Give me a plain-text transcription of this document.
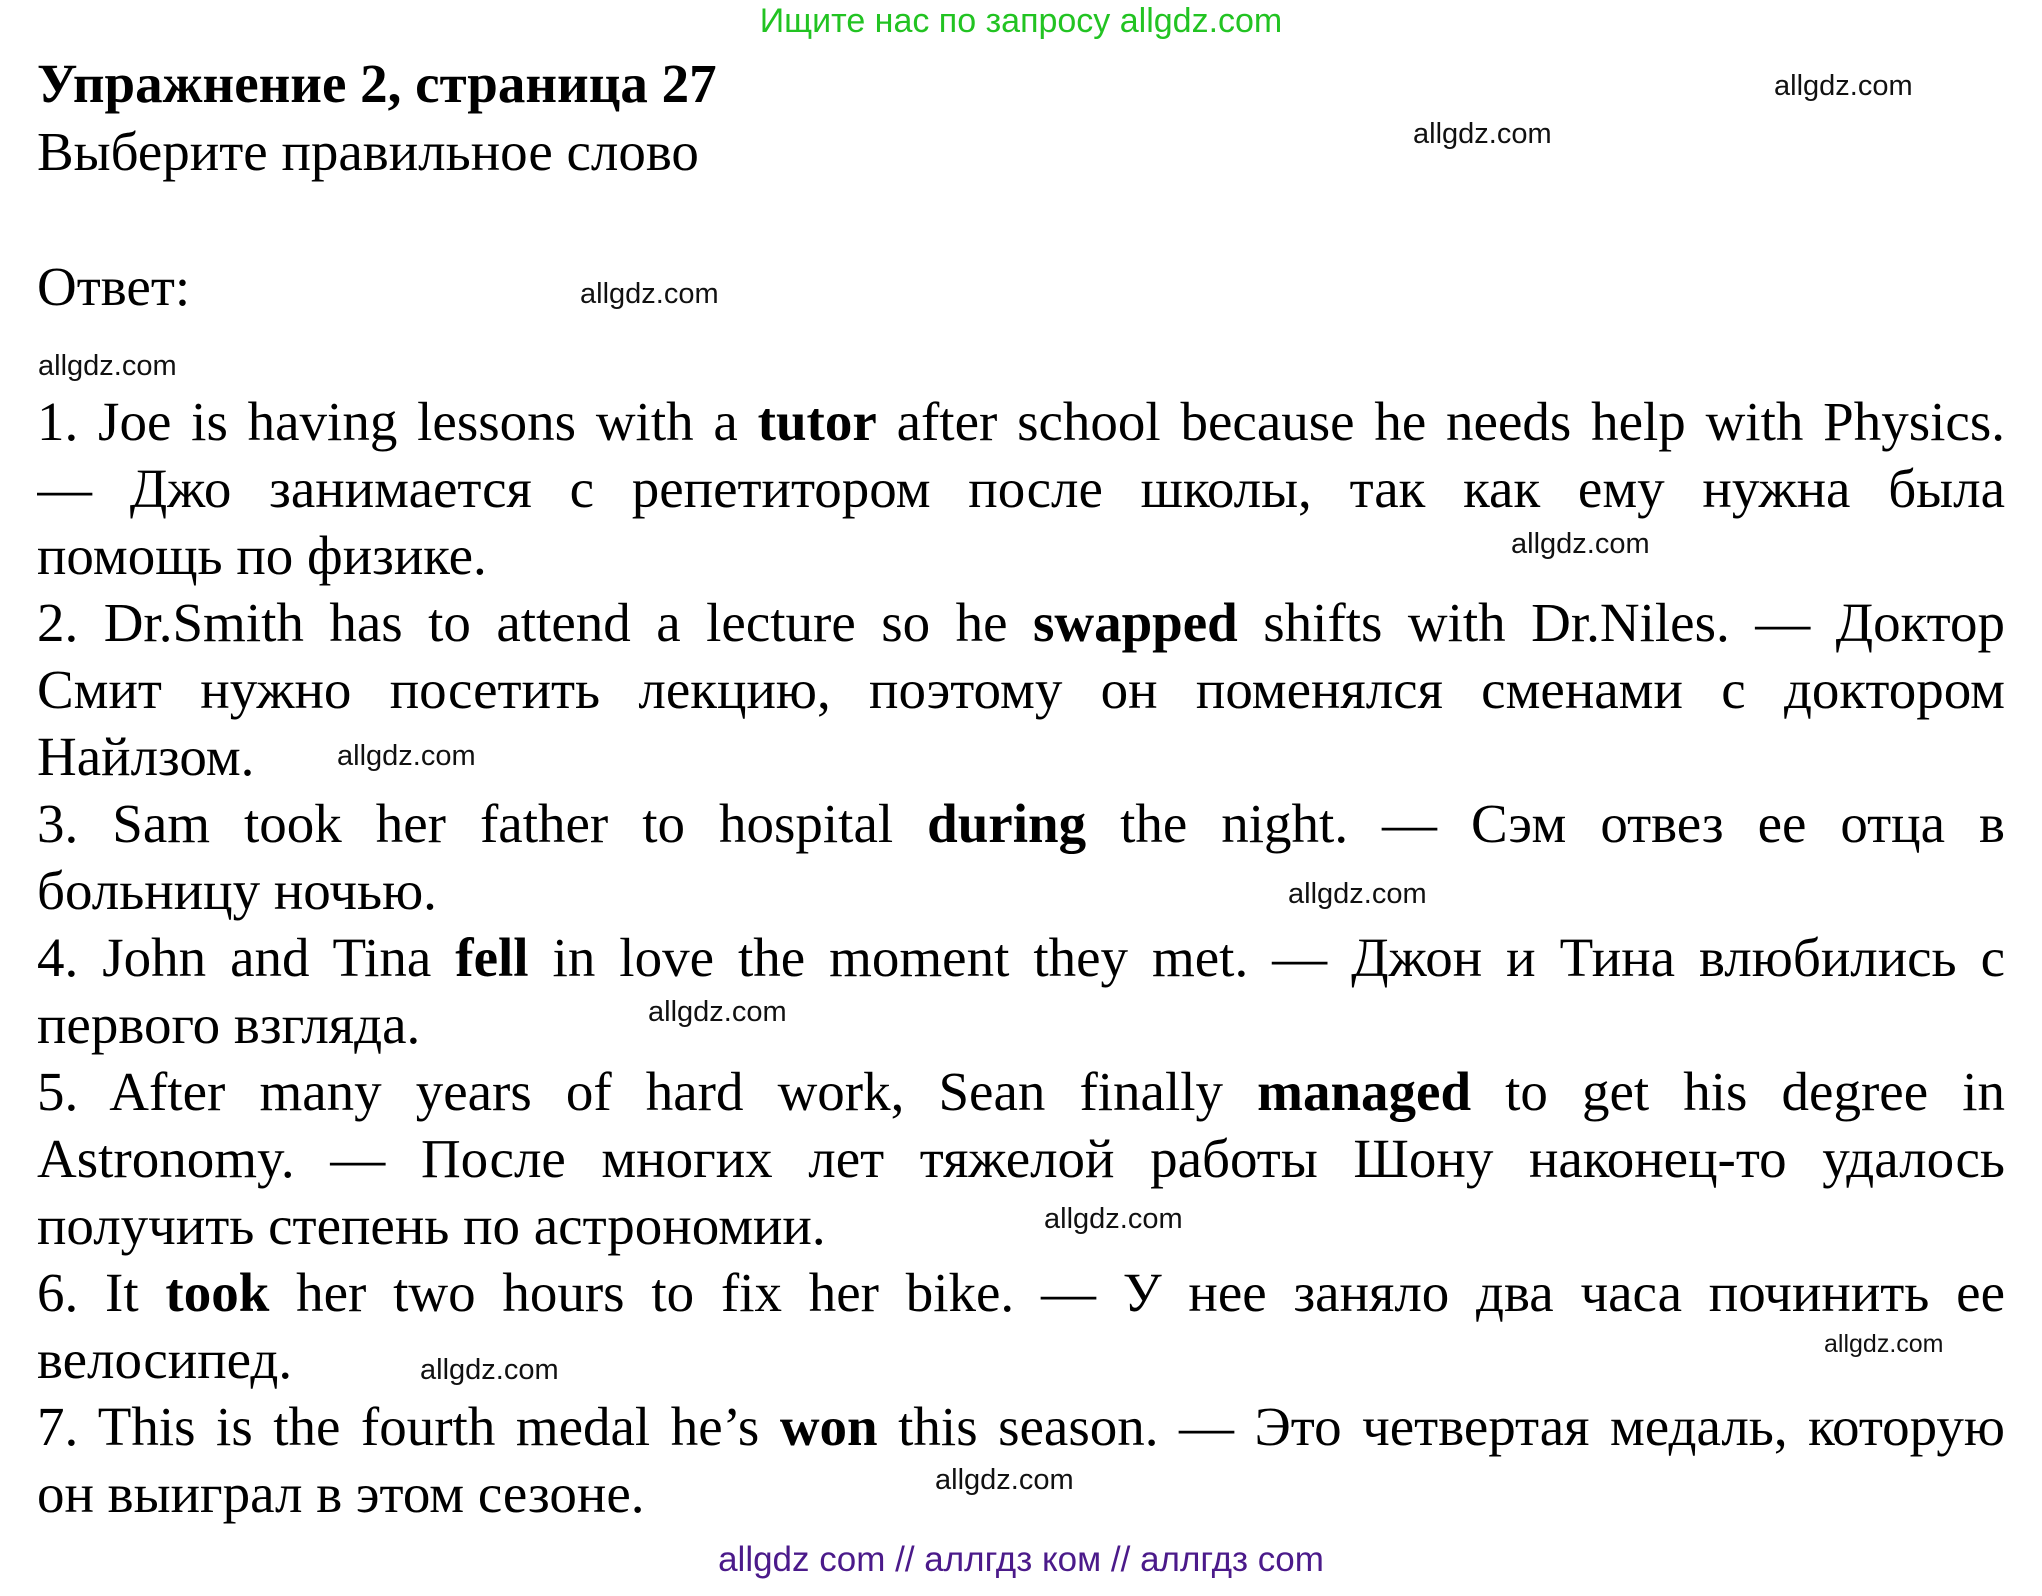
Ищите нас по запросу allgdz.com
Упражнение 2, страница 27
Выберите правильное слово
Ответ:
1. Joe is having lessons with a tutor after school because he needs help with Physics.
— Джо занимается с репетитором после школы, так как ему нужна была
помощь по физике.
2. Dr.Smith has to attend a lecture so he swapped shifts with Dr.Niles. — Доктор
Смит нужно посетить лекцию, поэтому он поменялся сменами с доктором
Найлзом.
3. Sam took her father to hospital during the night. — Сэм отвез ее отца в
больницу ночью.
4. John and Tina fell in love the moment they met. — Джон и Тина влюбились с
первого взгляда.
5. After many years of hard work, Sean finally managed to get his degree in
Astronomy. — После многих лет тяжелой работы Шону наконец-то удалось
получить степень по астрономии.
6. It took her two hours to fix her bike. — У нее заняло два часа починить ее
велосипед.
7. This is the fourth medal he’s won this season. — Это четвертая медаль, которую
он выиграл в этом сезоне.
allgdz.com
allgdz.com
allgdz.com
allgdz.com
allgdz.com
allgdz.com
allgdz.com
allgdz.com
allgdz.com
allgdz.com
allgdz.com
allgdz.com
allgdz com // аллгдз ком // аллгдз com
